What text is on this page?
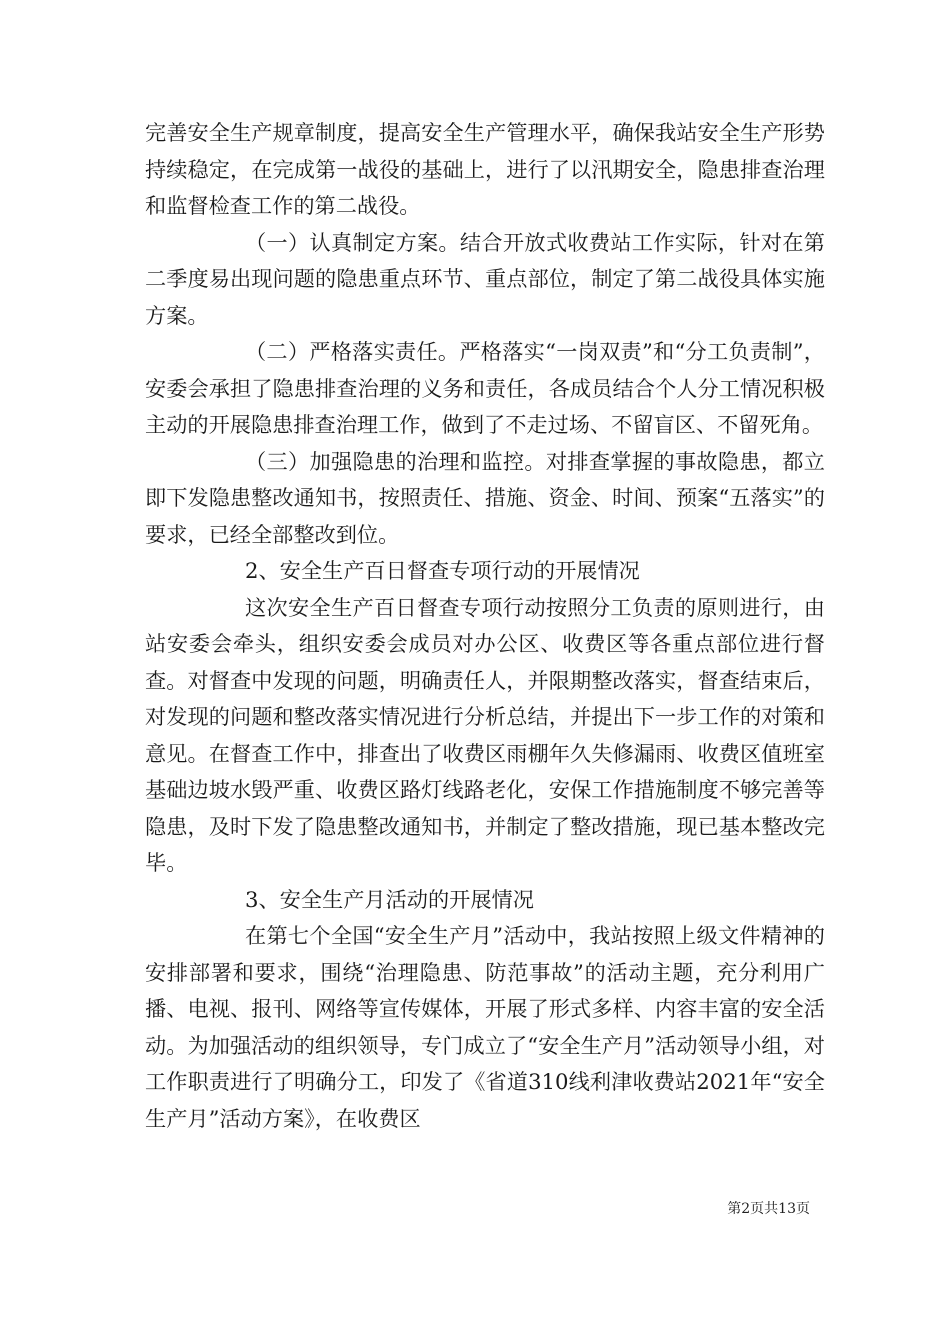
完善安全生产规章制度，提高安全生产管理水平，确保我站安全生产形势持续稳定，在完成第一战役的基础上，进行了以汛期安全，隐患排查治理和监督检查工作的第二战役。

（一）认真制定方案。结合开放式收费站工作实际，针对在第二季度易出现问题的隐患重点环节、重点部位，制定了第二战役具体实施方案。

（二）严格落实责任。严格落实“一岗双责”和“分工负责制”，安委会承担了隐患排查治理的义务和责任，各成员结合个人分工情况积极主动的开展隐患排查治理工作，做到了不走过场、不留盲区、不留死角。

（三）加强隐患的治理和监控。对排查掌握的事故隐患，都立即下发隐患整改通知书，按照责任、措施、资金、时间、预案“五落实”的要求，已经全部整改到位。

2、安全生产百日督查专项行动的开展情况

这次安全生产百日督查专项行动按照分工负责的原则进行，由站安委会牵头，组织安委会成员对办公区、收费区等各重点部位进行督查。对督查中发现的问题，明确责任人，并限期整改落实，督查结束后，对发现的问题和整改落实情况进行分析总结，并提出下一步工作的对策和意见。在督查工作中，排查出了收费区雨棚年久失修漏雨、收费区值班室基础边坡水毁严重、收费区路灯线路老化，安保工作措施制度不够完善等隐患，及时下发了隐患整改通知书，并制定了整改措施，现已基本整改完毕。

3、安全生产月活动的开展情况

在第七个全国“安全生产月”活动中，我站按照上级文件精神的安排部署和要求，围绕“治理隐患、防范事故”的活动主题，充分利用广播、电视、报刊、网络等宣传媒体，开展了形式多样、内容丰富的安全活动。为加强活动的组织领导，专门成立了“安全生产月”活动领导小组，对工作职责进行了明确分工，印发了《省道310线利津收费站2021年“安全生产月”活动方案》，在收费区

第2页共13页
